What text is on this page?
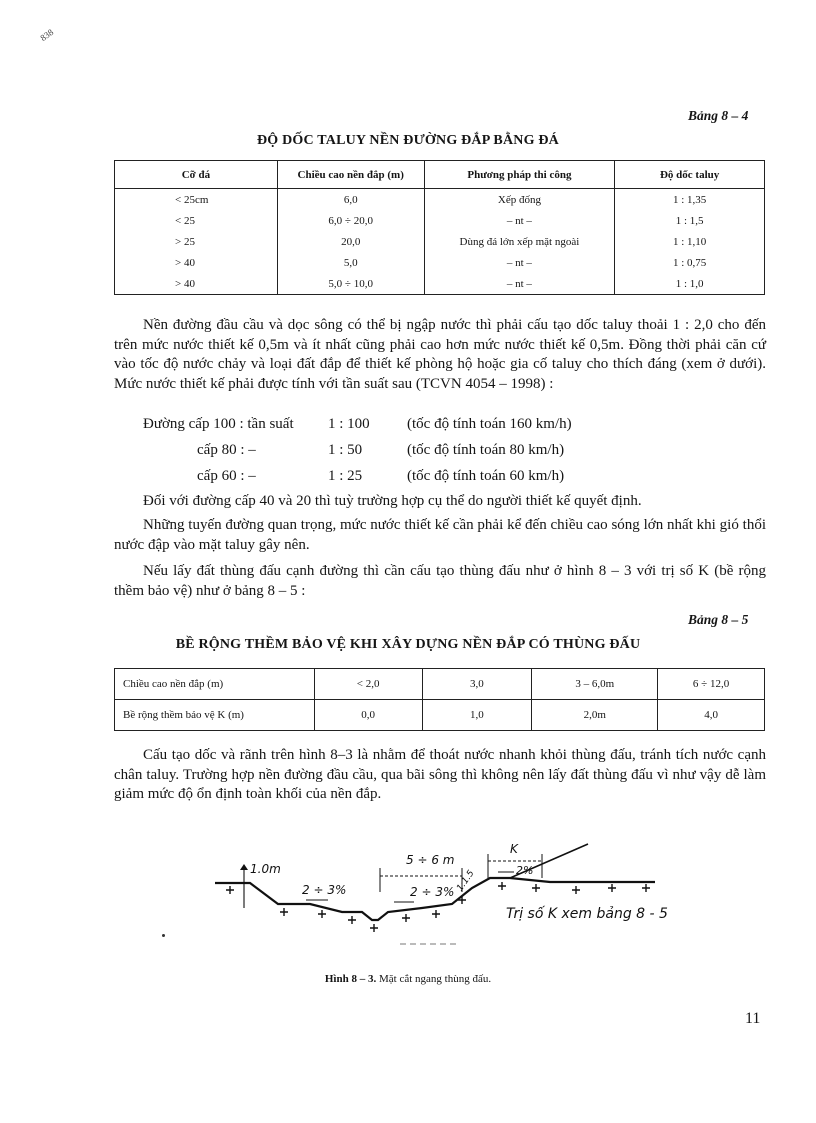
838
Bảng 8 – 4
ĐỘ DỐC TALUY NỀN ĐƯỜNG ĐẮP BẰNG ĐÁ
Cỡ đá	Chiều cao nền đắp (m)	Phương pháp thi công	Độ dốc taluy
< 25cm	6,0	Xếp đống	1 : 1,35
< 25	6,0 ÷ 20,0	– nt –	1 : 1,5
> 25	20,0	Dùng đá lớn xếp mặt ngoài	1 : 1,10
> 40	5,0	– nt –	1 : 0,75
> 40	5,0 ÷ 10,0	– nt –	1 : 1,0
Nền đường đầu cầu và dọc sông có thể bị ngập nước thì phải cấu tạo dốc taluy thoải 1 : 2,0 cho đến trên mức nước thiết kế 0,5m và ít nhất cũng phải cao hơn mức nước thiết kế 0,5m. Đồng thời phải căn cứ vào tốc độ nước chảy và loại đất đắp để thiết kế phòng hộ hoặc gia cố taluy cho thích đáng (xem ở dưới). Mức nước thiết kế phải được tính với tần suất sau (TCVN 4054 – 1998) :
Đường cấp 100 : tần suất 1 : 100 (tốc độ tính toán 160 km/h)
cấp 80 : –	1 : 50	(tốc độ tính toán 80 km/h)
cấp 60 : –	1 : 25	(tốc độ tính toán 60 km/h)
Đối với đường cấp 40 và 20 thì tuỳ trường hợp cụ thể do người thiết kế quyết định.
Những tuyến đường quan trọng, mức nước thiết kế cần phải kể đến chiều cao sóng lớn nhất khi gió thổi nước đập vào mặt taluy gây nên.
Nếu lấy đất thùng đấu cạnh đường thì cần cấu tạo thùng đấu như ở hình 8 – 3 với trị số K (bề rộng thềm bảo vệ) như ở bảng 8 – 5 :
Bảng 8 – 5
BỀ RỘNG THỀM BẢO VỆ KHI XÂY DỰNG NỀN ĐẮP CÓ THÙNG ĐẤU
Chiều cao nền đắp (m)	< 2,0	3,0	3 – 6,0m	6 ÷ 12,0
Bề rộng thềm bảo vệ K (m)	0,0	1,0	2,0m	4,0
Cấu tạo dốc và rãnh trên hình 8–3 là nhằm để thoát nước nhanh khỏi thùng đấu, tránh tích nước cạnh chân taluy. Trường hợp nền đường đầu cầu, qua bãi sông thì không nên lấy đất thùng đấu vì như vậy dễ làm giảm mức độ ổn định toàn khối của nền đắp.
1.0m
2 ÷ 3%
5 ÷ 6 m
2 ÷ 3% 1:1.5
K
2%
Trị số K xem bảng 8 - 5
Hình 8 – 3. Mặt cắt ngang thùng đấu.
11
